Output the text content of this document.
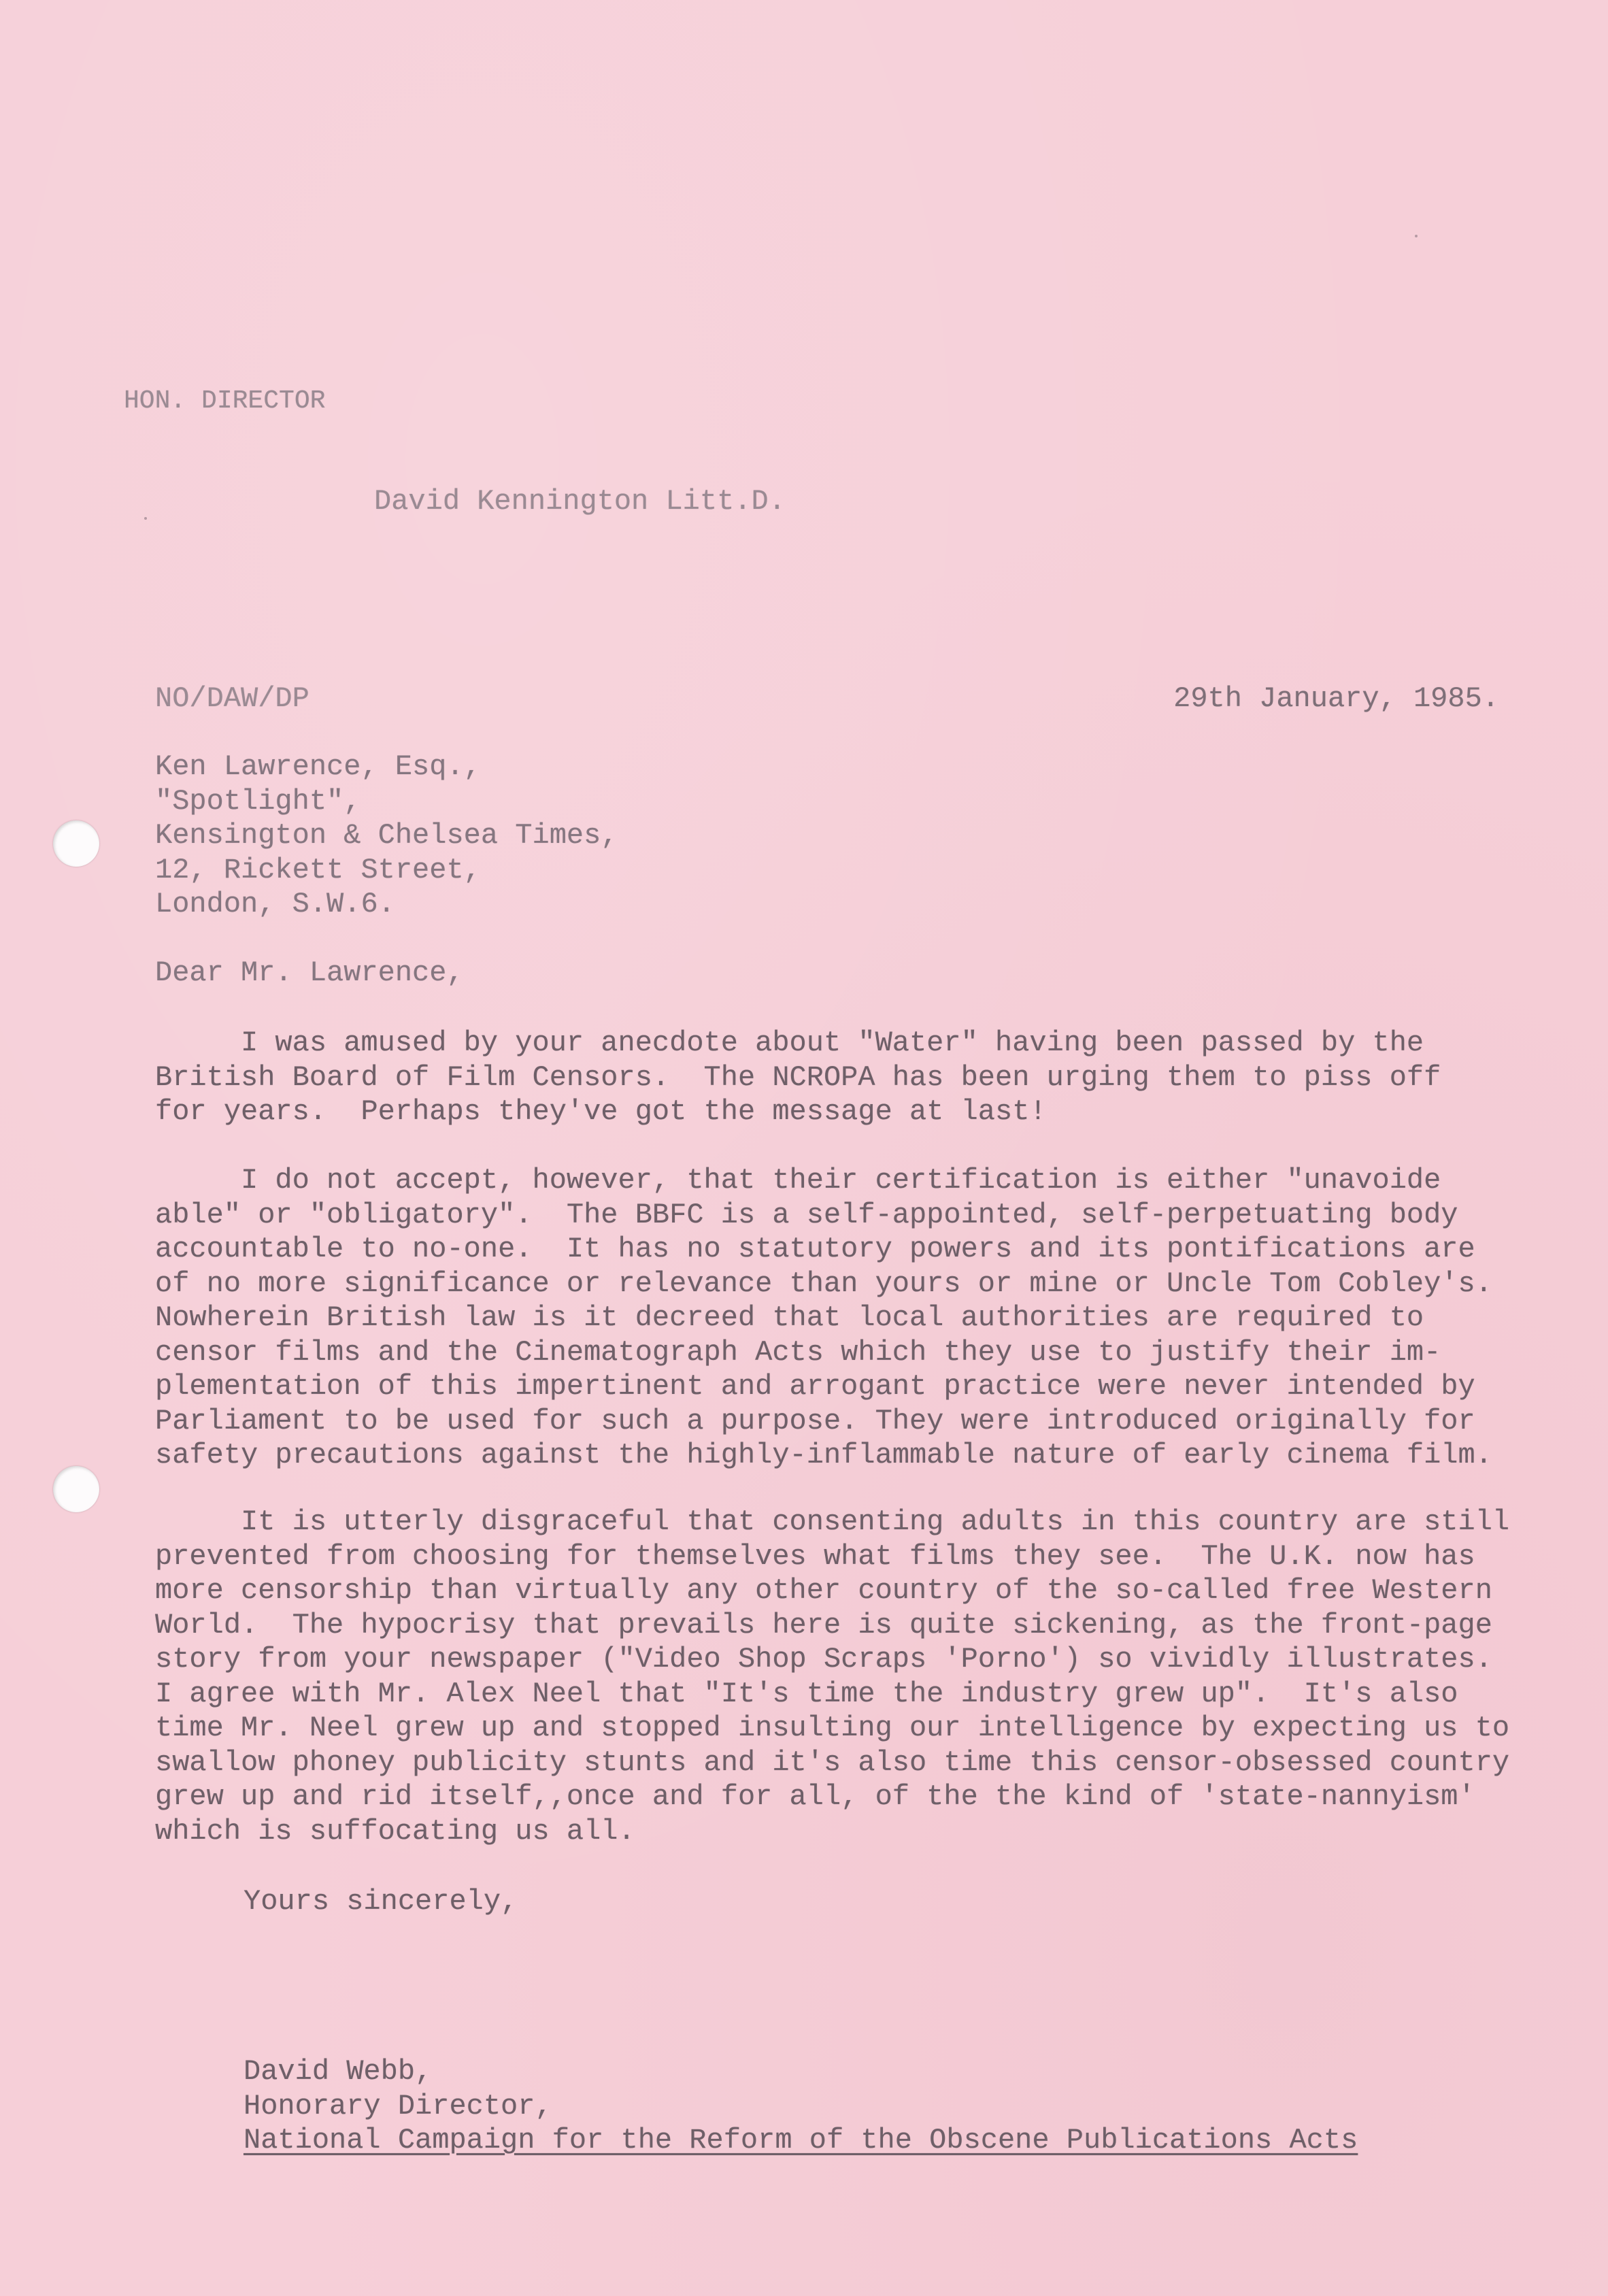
HON. DIRECTOR
David Kennington Litt.D.
NO/DAW/DP	29th January, 1985.
Ken Lawrence, Esq.,
"Spotlight",
Kensington & Chelsea Times,
12, Rickett Street,
London, S.W.6.
Dear Mr. Lawrence,
I was amused by your anecdote about "Water" having been passed by the
British Board of Film Censors.  The NCROPA has been urging them to piss off
for years.  Perhaps they've got the message at last!
I do not accept, however, that their certification is either "unavoide
able" or "obligatory".  The BBFC is a self-appointed, self-perpetuating body
accountable to no-one.  It has no statutory powers and its pontifications are
of no more significance or relevance than yours or mine or Uncle Tom Cobley's.
Nowherein British law is it decreed that local authorities are required to
censor films and the Cinematograph Acts which they use to justify their im-
plementation of this impertinent and arrogant practice were never intended by
Parliament to be used for such a purpose. They were introduced originally for
safety precautions against the highly-inflammable nature of early cinema film.
It is utterly disgraceful that consenting adults in this country are still
prevented from choosing for themselves what films they see.  The U.K. now has
more censorship than virtually any other country of the so-called free Western
World.  The hypocrisy that prevails here is quite sickening, as the front-page
story from your newspaper ("Video Shop Scraps 'Porno') so vividly illustrates.
I agree with Mr. Alex Neel that "It's time the industry grew up".  It's also
time Mr. Neel grew up and stopped insulting our intelligence by expecting us to
swallow phoney publicity stunts and it's also time this censor-obsessed country
grew up and rid itself,,once and for all, of the the kind of 'state-nannyism'
which is suffocating us all.
Yours sincerely,
David Webb,
Honorary Director,
National Campaign for the Reform of the Obscene Publications Acts
